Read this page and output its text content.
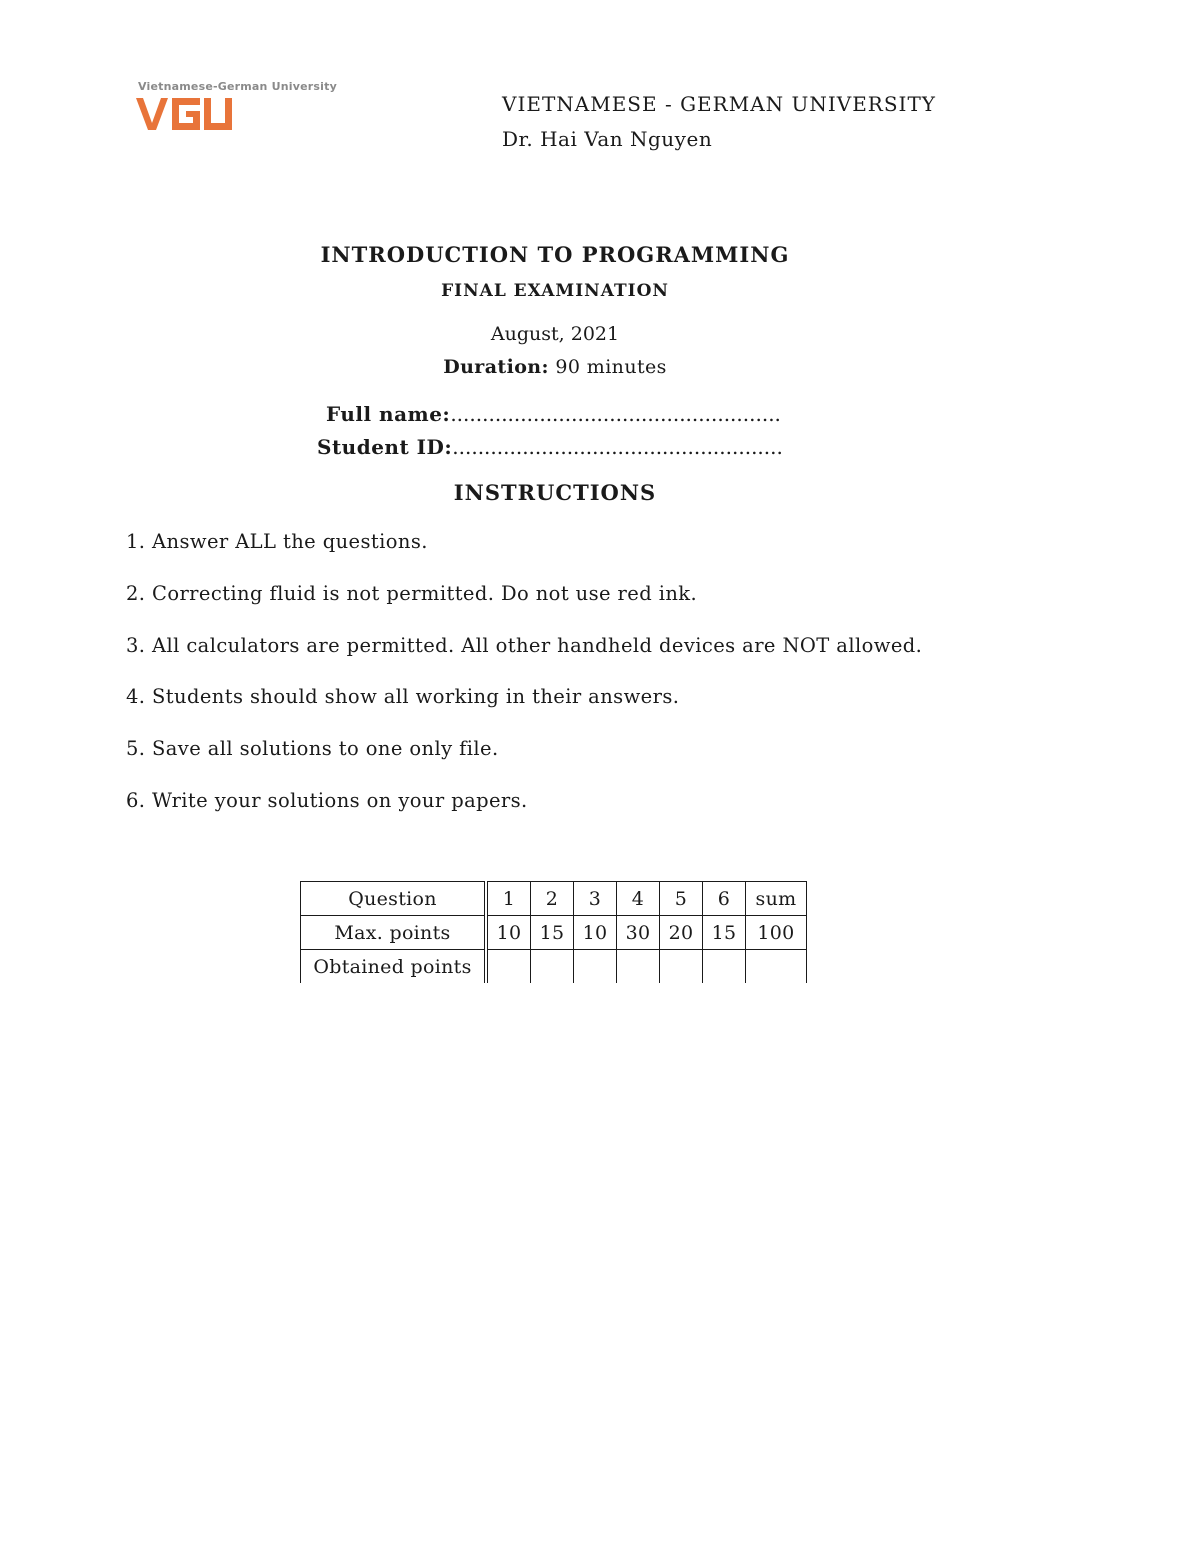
Vietnamese-German University
VIETNAMESE - GERMAN UNIVERSITY
Dr. Hai Van Nguyen
INTRODUCTION TO PROGRAMMING
FINAL EXAMINATION
August, 2021
Duration: 90 minutes
Full name:....................................................
Student ID:....................................................
INSTRUCTIONS
1. Answer ALL the questions.
2. Correcting fluid is not permitted. Do not use red ink.
3. All calculators are permitted. All other handheld devices are NOT allowed.
4. Students should show all working in their answers.
5. Save all solutions to one only file.
6. Write your solutions on your papers.
Question	1	2	3	4	5	6	sum
Max. points	10	15	10	30	20	15	100
Obtained points							
